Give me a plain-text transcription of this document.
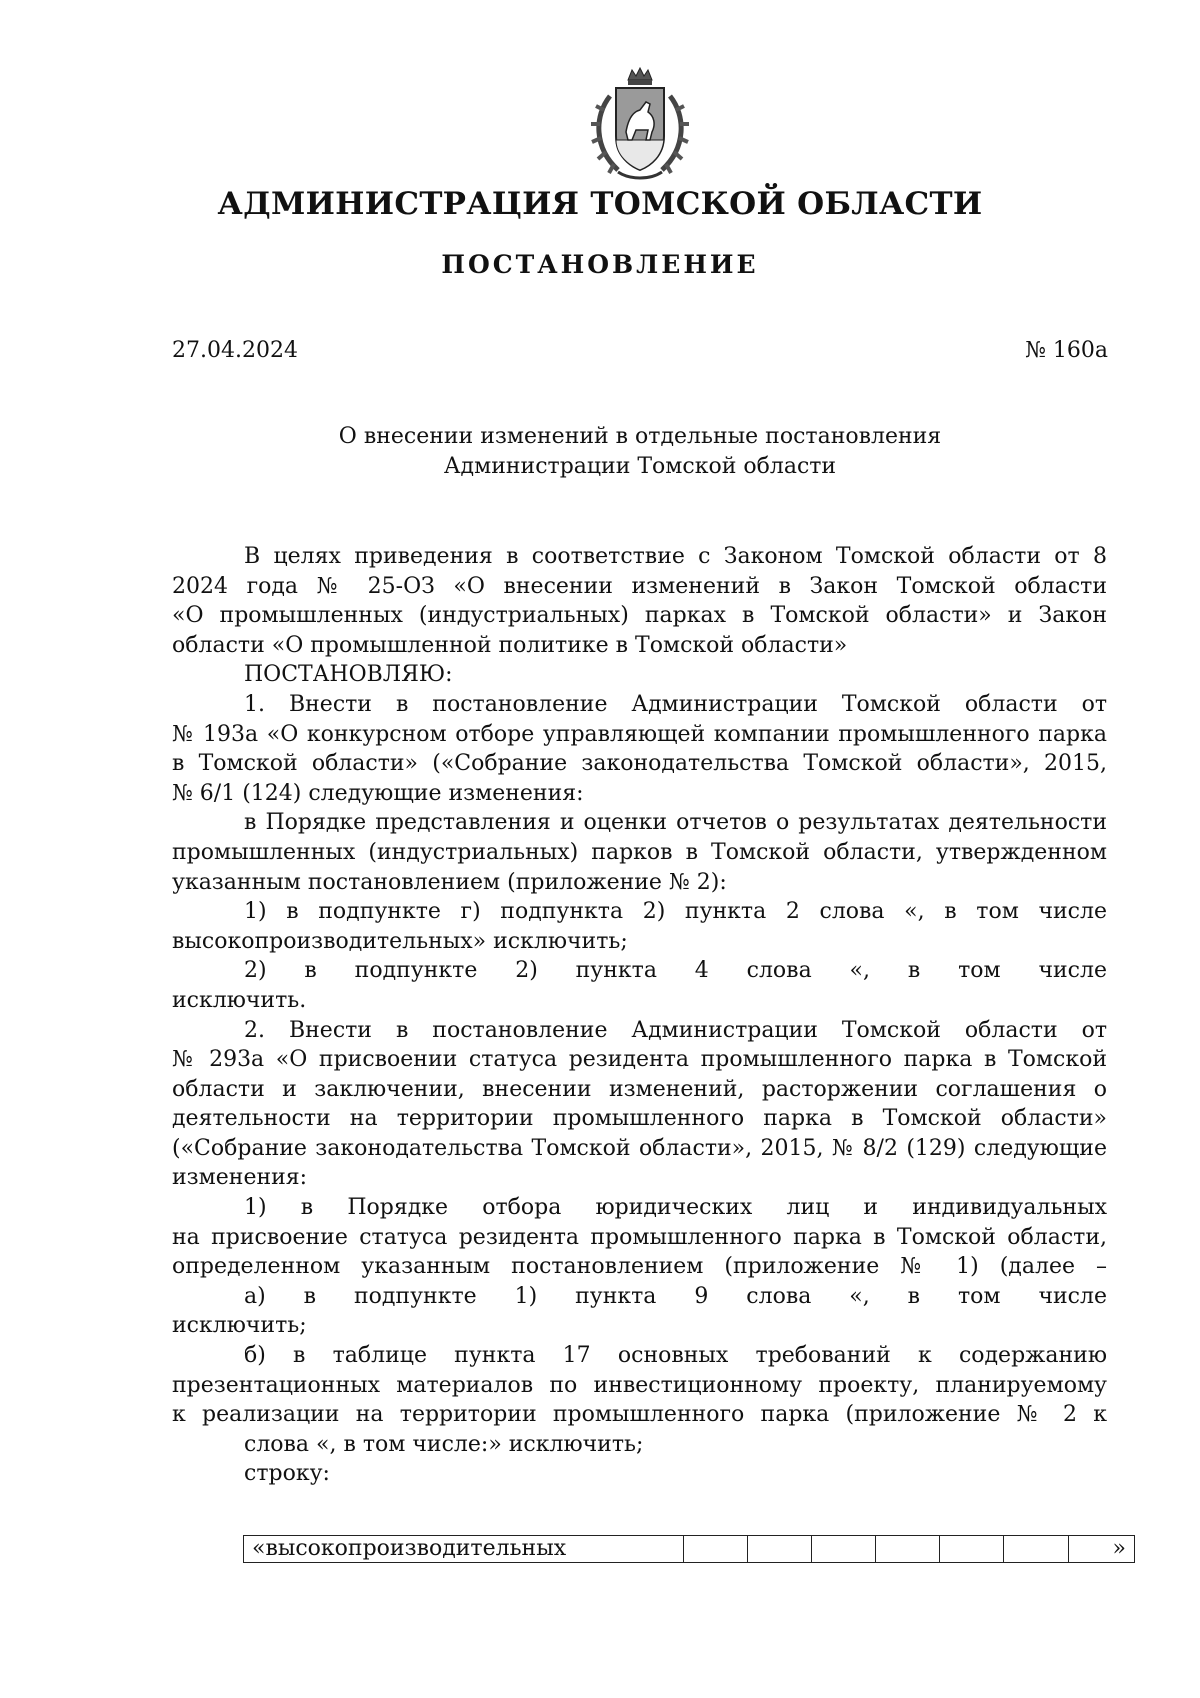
АДМИНИСТРАЦИЯ ТОМСКОЙ ОБЛАСТИ
ПОСТАНОВЛЕНИЕ
27.04.2024	№ 160а
О внесении изменений в отдельные постановления
Администрации Томской области
В целях приведения в соответствие с Законом Томской области от 8
2024 года № 25-ОЗ «О внесении изменений в Закон Томской области
«О промышленных (индустриальных) парках в Томской области» и Закон
области «О промышленной политике в Томской области»
ПОСТАНОВЛЯЮ:
1. Внести в постановление Администрации Томской области от
№ 193а «О конкурсном отборе управляющей компании промышленного парка
в Томской области» («Собрание законодательства Томской области», 2015,
№ 6/1 (124) следующие изменения:
в Порядке представления и оценки отчетов о результатах деятельности
промышленных (индустриальных) парков в Томской области, утвержденном
указанным постановлением (приложение № 2):
1) в подпункте г) подпункта 2) пункта 2 слова «, в том числе
высокопроизводительных» исключить;
2) в подпункте 2) пункта 4 слова «, в том числе
исключить.
2. Внести в постановление Администрации Томской области от
№ 293а «О присвоении статуса резидента промышленного парка в Томской
области и заключении, внесении изменений, расторжении соглашения о
деятельности на территории промышленного парка в Томской области»
(«Собрание законодательства Томской области», 2015, № 8/2 (129) следующие
изменения:
1) в Порядке отбора юридических лиц и индивидуальных
на присвоение статуса резидента промышленного парка в Томской области,
определенном указанным постановлением (приложение № 1) (далее –
а) в подпункте 1) пункта 9 слова «, в том числе
исключить;
б) в таблице пункта 17 основных требований к содержанию
презентационных материалов по инвестиционному проекту, планируемому
к реализации на территории промышленного парка (приложение № 2 к
слова «, в том числе:» исключить;
строку:
«высокопроизводительных							»
